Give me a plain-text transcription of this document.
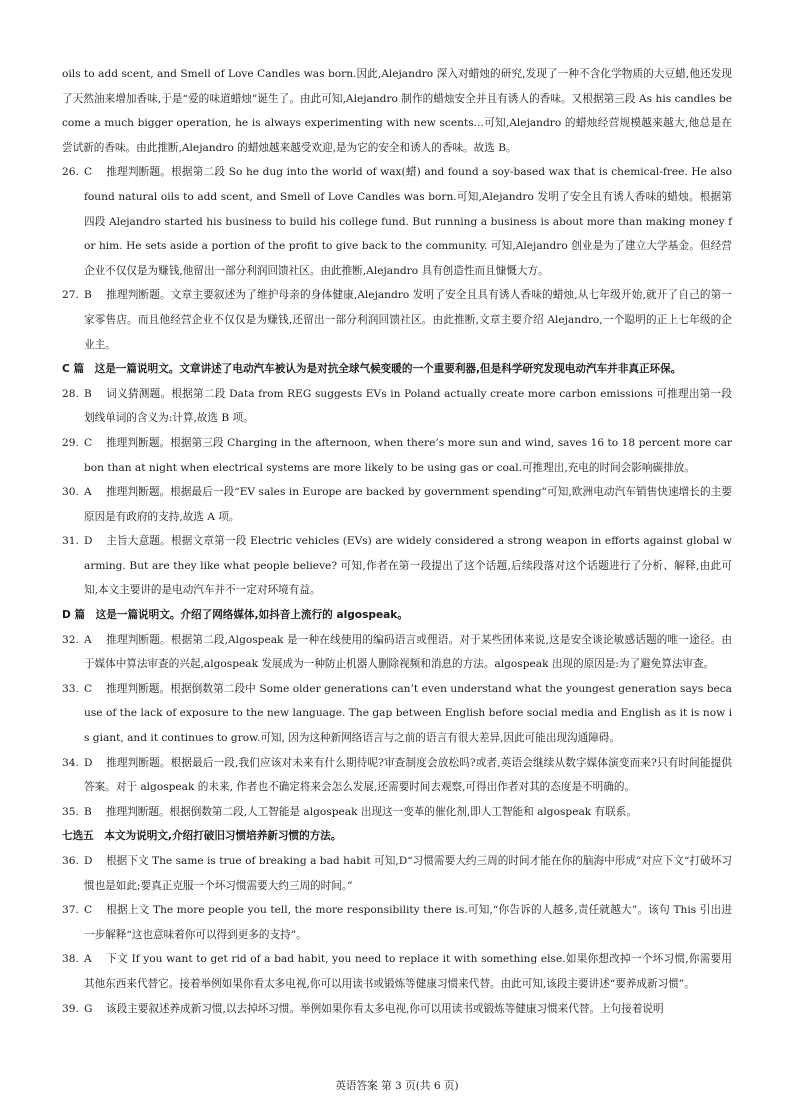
oils to add scent, and Smell of Love Candles was born.因此,Alejandro 深入对蜡烛的研究,发现了一种不含化学物质的大豆蜡,他还发现了天然油来增加香味,于是“爱的味道蜡烛”诞生了。由此可知,Alejandro 制作的蜡烛安全并且有诱人的香味。又根据第三段 As his candles become a much bigger operation, he is always experimenting with new scents...可知,Alejandro 的蜡烛经营规模越来越大,他总是在尝试新的香味。由此推断,Alejandro 的蜡烛越来越受欢迎,是为它的安全和诱人的香味。故选 B。
26. C 推理判断题。根据第二段 So he dug into the world of wax(蜡) and found a soy-based wax that is chemical-free. He also found natural oils to add scent, and Smell of Love Candles was born.可知,Alejandro 发明了安全且有诱人香味的蜡烛。根据第四段 Alejandro started his business to build his college fund. But running a business is about more than making money for him. He sets aside a portion of the profit to give back to the community. 可知,Alejandro 创业是为了建立大学基金。但经营企业不仅仅是为赚钱,他留出一部分利润回馈社区。由此推断,Alejandro 具有创造性而且慷慨大方。
27. B 推理判断题。文章主要叙述为了维护母亲的身体健康,Alejandro 发明了安全且具有诱人香味的蜡烛,从七年级开始,就开了自己的第一家零售店。而且他经营企业不仅仅是为赚钱,还留出一部分利润回馈社区。由此推断,文章主要介绍 Alejandro,一个聪明的正上七年级的企业主。
C 篇　这是一篇说明文。文章讲述了电动汽车被认为是对抗全球气候变暖的一个重要利器,但是科学研究发现电动汽车并非真正环保。
28. B 词义猜测题。根据第二段 Data from REG suggests EVs in Poland actually create more carbon emissions 可推理出第一段划线单词的含义为:计算,故选 B 项。
29. C 推理判断题。根据第三段 Charging in the afternoon, when there’s more sun and wind, saves 16 to 18 percent more carbon than at night when electrical systems are more likely to be using gas or coal.可推理出,充电的时间会影响碳排放。
30. A 推理判断题。根据最后一段“EV sales in Europe are backed by government spending”可知,欧洲电动汽车销售快速增长的主要原因是有政府的支持,故选 A 项。
31. D 主旨大意题。根据文章第一段 Electric vehicles (EVs) are widely considered a strong weapon in efforts against global warming. But are they like what people believe? 可知,作者在第一段提出了这个话题,后续段落对这个话题进行了分析、解释,由此可知,本文主要讲的是电动汽车并不一定对环境有益。
D 篇　这是一篇说明文。介绍了网络媒体,如抖音上流行的 algospeak。
32. A 推理判断题。根据第二段,Algospeak 是一种在线使用的编码语言或俚语。对于某些团体来说,这是安全谈论敏感话题的唯一途径。由于媒体中算法审查的兴起,algospeak 发展成为一种防止机器人删除视频和消息的方法。algospeak 出现的原因是:为了避免算法审查。
33. C 推理判断题。根据倒数第二段中 Some older generations can’t even understand what the youngest generation says because of the lack of exposure to the new language. The gap between English before social media and English as it is now is giant, and it continues to grow.可知, 因为这种新网络语言与之前的语言有很大差异,因此可能出现沟通障碍。
34. D 推理判断题。根据最后一段,我们应该对未来有什么期待呢?审查制度会放松吗?或者,英语会继续从数字媒体演变而来?只有时间能提供答案。对于 algospeak 的未来, 作者也不确定将来会怎么发展,还需要时间去观察,可得出作者对其的态度是不明确的。
35. B 推理判断题。根据倒数第二段,人工智能是 algospeak 出现这一变革的催化剂,即人工智能和 algospeak 有联系。
七选五　本文为说明文,介绍打破旧习惯培养新习惯的方法。
36. D 根据下文 The same is true of breaking a bad habit 可知,D“习惯需要大约三周的时间才能在你的脑海中形成”对应下文“打破坏习惯也是如此;要真正克服一个坏习惯需要大约三周的时间。”
37. C 根据上文 The more people you tell, the more responsibility there is.可知,“你告诉的人越多,责任就越大”。该句 This 引出进一步解释“这也意味着你可以得到更多的支持”。
38. A 下文 If you want to get rid of a bad habit, you need to replace it with something else.如果你想改掉一个坏习惯,你需要用其他东西来代替它。接着举例如果你看太多电视,你可以用读书或锻炼等健康习惯来代替。由此可知,该段主要讲述“要养成新习惯”。
39. G 该段主要叙述养成新习惯,以去掉坏习惯。举例如果你看太多电视,你可以用读书或锻炼等健康习惯来代替。上句接着说明
英语答案 第 3 页(共 6 页)
